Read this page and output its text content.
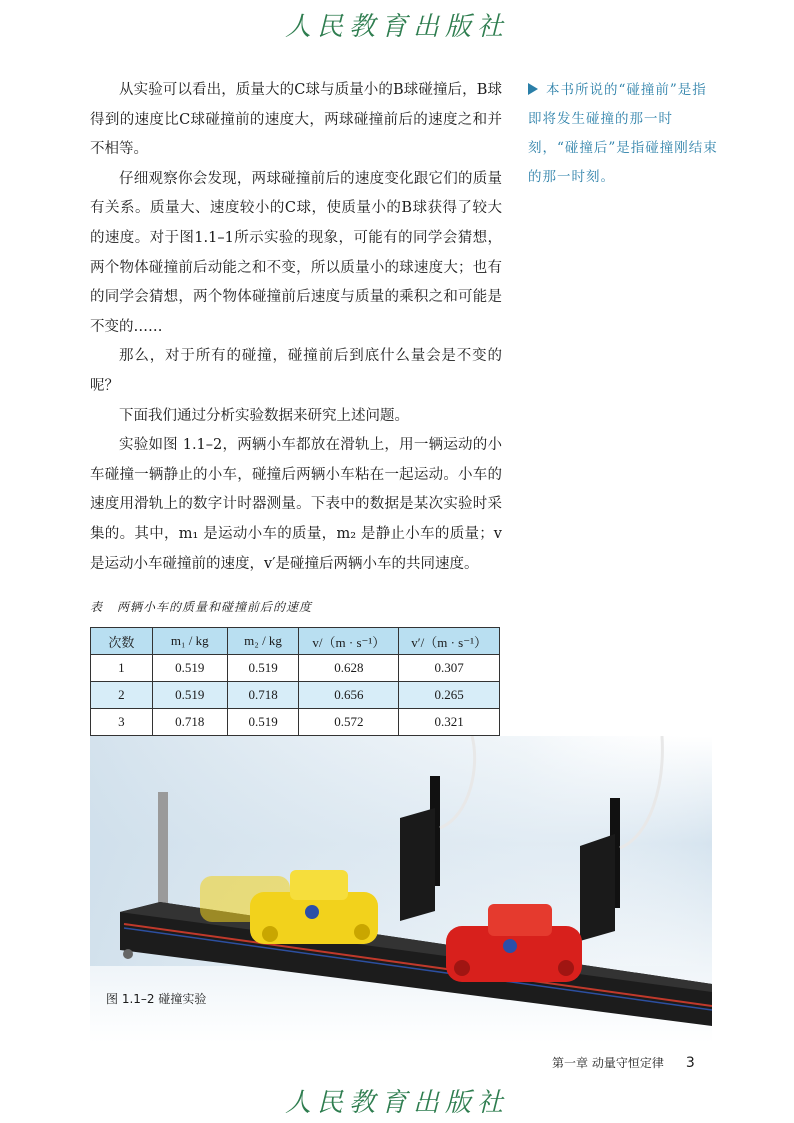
人民教育出版社

从实验可以看出，质量大的C球与质量小的B球碰撞后，B球得到的速度比C球碰撞前的速度大，两球碰撞前后的速度之和并不相等。

仔细观察你会发现，两球碰撞前后的速度变化跟它们的质量有关系。质量大、速度较小的C球，使质量小的B球获得了较大的速度。对于图1.1–1所示实验的现象，可能有的同学会猜想，两个物体碰撞前后动能之和不变，所以质量小的球速度大；也有的同学会猜想，两个物体碰撞前后速度与质量的乘积之和可能是不变的……

那么，对于所有的碰撞，碰撞前后到底什么量会是不变的呢？

下面我们通过分析实验数据来研究上述问题。

实验如图 1.1–2，两辆小车都放在滑轨上，用一辆运动的小车碰撞一辆静止的小车，碰撞后两辆小车粘在一起运动。小车的速度用滑轨上的数字计时器测量。下表中的数据是某次实验时采集的。其中，m₁ 是运动小车的质量，m₂ 是静止小车的质量；v 是运动小车碰撞前的速度，v′是碰撞后两辆小车的共同速度。

本书所说的“碰撞前”是指即将发生碰撞的那一时刻，“碰撞后”是指碰撞刚结束的那一时刻。
表 两辆小车的质量和碰撞前后的速度
次数	m₁ / kg	m₂ / kg	v/（m · s⁻¹）	v′/（m · s⁻¹）
1	0.519	0.519	0.628	0.307
2	0.519	0.718	0.656	0.265
3	0.718	0.519	0.572	0.321
图 1.1–2 碰撞实验
第一章 动量守恒定律 3
人民教育出版社
